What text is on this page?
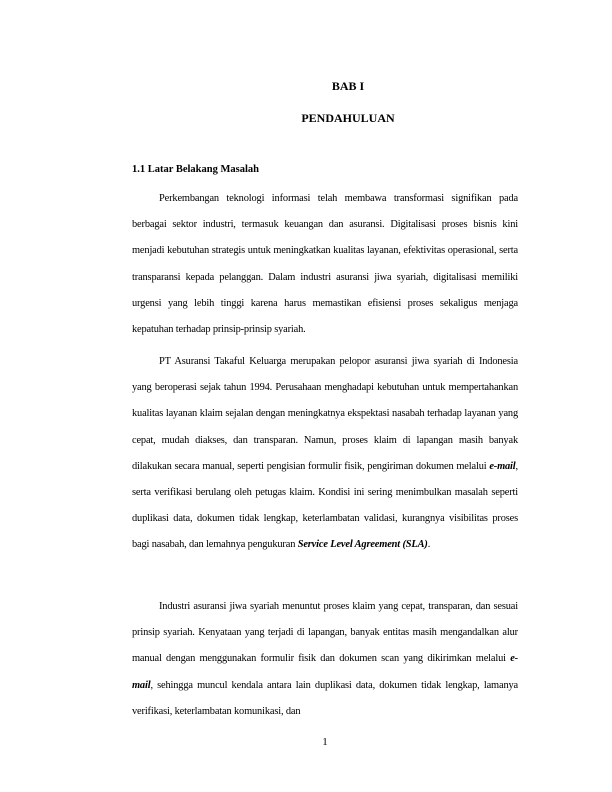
BAB I
PENDAHULUAN
1.1 Latar Belakang Masalah

Perkembangan teknologi informasi telah membawa transformasi signifikan pada berbagai sektor industri, termasuk keuangan dan asuransi. Digitalisasi proses bisnis kini menjadi kebutuhan strategis untuk meningkatkan kualitas layanan, efektivitas operasional, serta transparansi kepada pelanggan. Dalam industri asuransi jiwa syariah, digitalisasi memiliki urgensi yang lebih tinggi karena harus memastikan efisiensi proses sekaligus menjaga kepatuhan terhadap prinsip-prinsip syariah.

PT Asuransi Takaful Keluarga merupakan pelopor asuransi jiwa syariah di Indonesia yang beroperasi sejak tahun 1994. Perusahaan menghadapi kebutuhan untuk mempertahankan kualitas layanan klaim sejalan dengan meningkatnya ekspektasi nasabah terhadap layanan yang cepat, mudah diakses, dan transparan. Namun, proses klaim di lapangan masih banyak dilakukan secara manual, seperti pengisian formulir fisik, pengiriman dokumen melalui e-mail, serta verifikasi berulang oleh petugas klaim. Kondisi ini sering menimbulkan masalah seperti duplikasi data, dokumen tidak lengkap, keterlambatan validasi, kurangnya visibilitas proses bagi nasabah, dan lemahnya pengukuran Service Level Agreement (SLA).

Industri asuransi jiwa syariah menuntut proses klaim yang cepat, transparan, dan sesuai prinsip syariah. Kenyataan yang terjadi di lapangan, banyak entitas masih mengandalkan alur manual dengan menggunakan formulir fisik dan dokumen scan yang dikirimkan melalui e-mail, sehingga muncul kendala antara lain duplikasi data, dokumen tidak lengkap, lamanya verifikasi, keterlambatan komunikasi, dan

1
